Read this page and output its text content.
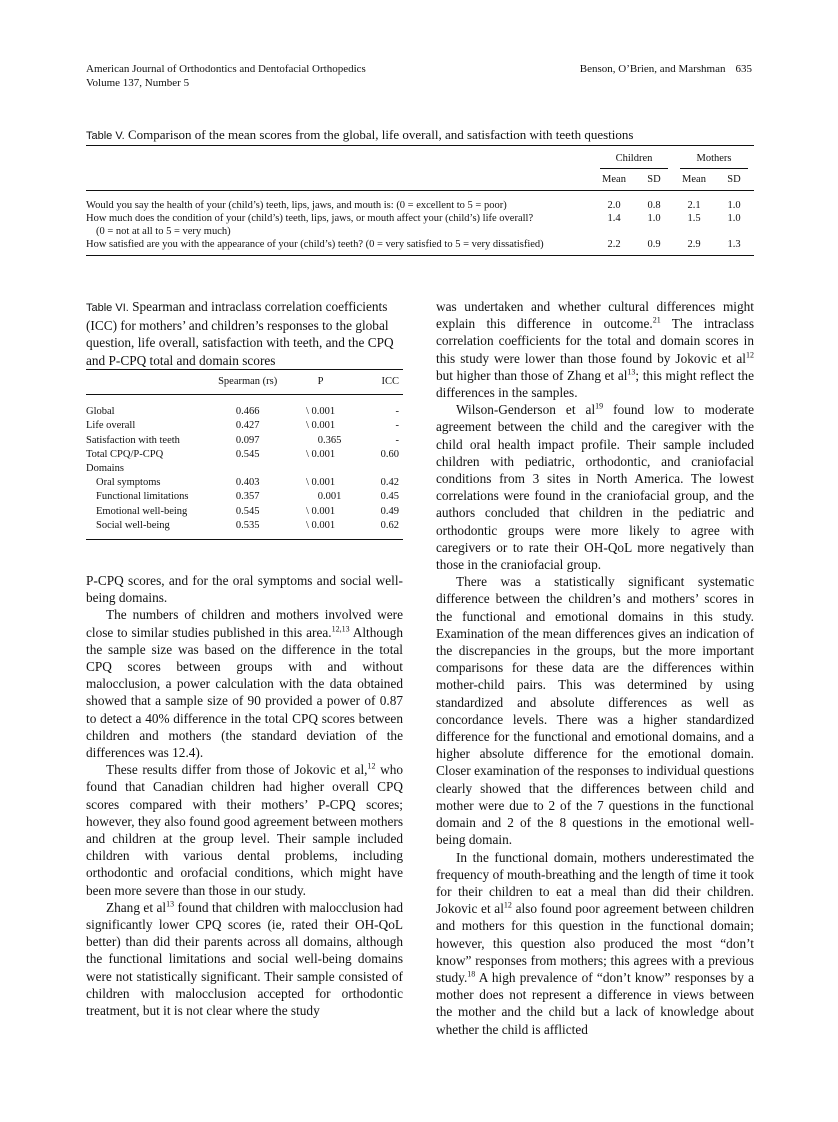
American Journal of Orthodontics and Dentofacial Orthopedics
Volume 137, Number 5
Benson, O’Brien, and Marshman 635
Table V. Comparison of the mean scores from the global, life overall, and satisfaction with teeth questions

	Children		Mothers	

	Mean	SD	Mean	SD
Would you say the health of your (child’s) teeth, lips, jaws, and mouth is: (0 = excellent to 5 = poor)	2.0	0.8	2.1	1.0
How much does the condition of your (child’s) teeth, lips, jaws, or mouth affect your (child’s) life overall?
(0 = not at all to 5 = very much)	1.4	1.0	1.5	1.0
How satisfied are you with the appearance of your (child’s) teeth? (0 = very satisfied to 5 = very dissatisfied)	2.2	0.9	2.9	1.3
Table VI. Spearman and intraclass correlation coefficients (ICC) for mothers’ and children’s responses to the global question, life overall, satisfaction with teeth, and the CPQ and P-CPQ total and domain scores
	Spearman (rs)	P	ICC
Global	0.466	\ 0.001	-
Life overall	0.427	\ 0.001	-
Satisfaction with teeth	0.097	0.365	-
Total CPQ/P-CPQ	0.545	\ 0.001	0.60
Domains			
Oral symptoms	0.403	\ 0.001	0.42
Functional limitations	0.357	0.001	0.45
Emotional well-being	0.545	\ 0.001	0.49
Social well-being	0.535	\ 0.001	0.62

P-CPQ scores, and for the oral symptoms and social well-being domains.

The numbers of children and mothers involved were close to similar studies published in this area.$^{12,13}$ Although the sample size was based on the difference in the total CPQ scores between groups with and without malocclusion, a power calculation with the data obtained showed that a sample size of 90 provided a power of 0.87 to detect a 40% difference in the total CPQ scores between children and mothers (the standard deviation of the differences was 12.4).

These results differ from those of Jokovic et al,$^{12}$ who found that Canadian children had higher overall CPQ scores compared with their mothers’ P-CPQ scores; however, they also found good agreement between mothers and children at the group level. Their sample included children with various dental problems, including orthodontic and orofacial conditions, which might have been more severe than those in our study.

Zhang et $al^{13}$ found that children with malocclusion had significantly lower CPQ scores (ie, rated their OH-QoL better) than did their parents across all domains, although the functional limitations and social well-being domains were not statistically significant. Their sample consisted of children with malocclusion accepted for orthodontic treatment, but it is not clear where the study

was undertaken and whether cultural differences might explain this difference in outcome.$^{21}$ The intraclass correlation coefficients for the total and domain scores in this study were lower than those found by Jokovic et $al^{12}$ but higher than those of Zhang et $al^{13}$; this might reflect the differences in the samples.

Wilson-Genderson et $al^{19}$ found low to moderate agreement between the child and the caregiver with the child oral health impact profile. Their sample included children with pediatric, orthodontic, and craniofacial conditions from 3 sites in North America. The lowest correlations were found in the craniofacial group, and the authors concluded that children in the pediatric and orthodontic groups were more likely to agree with caregivers or to rate their OH-QoL more negatively than those in the craniofacial group.

There was a statistically significant systematic difference between the children’s and mothers’ scores in the functional and emotional domains in this study. Examination of the mean differences gives an indication of the discrepancies in the groups, but the more important comparisons for these data are the differences within mother-child pairs. This was determined by using standardized and absolute differences as well as concordance levels. There was a higher standardized difference for the functional and emotional domains, and a higher absolute difference for the emotional domain. Closer examination of the responses to individual questions clearly showed that the differences between child and mother were due to 2 of the 7 questions in the functional domain and 2 of the 8 questions in the emotional well-being domain.

In the functional domain, mothers underestimated the frequency of mouth-breathing and the length of time it took for their children to eat a meal than did their children. Jokovic et $al^{12}$ also found poor agreement between children and mothers for this question in the functional domain; however, this question also produced the most “don’t know” responses from mothers; this agrees with a previous study.$^{18}$ A high prevalence of “don’t know” responses by a mother does not represent a difference in views between the mother and the child but a lack of knowledge about whether the child is afflicted
